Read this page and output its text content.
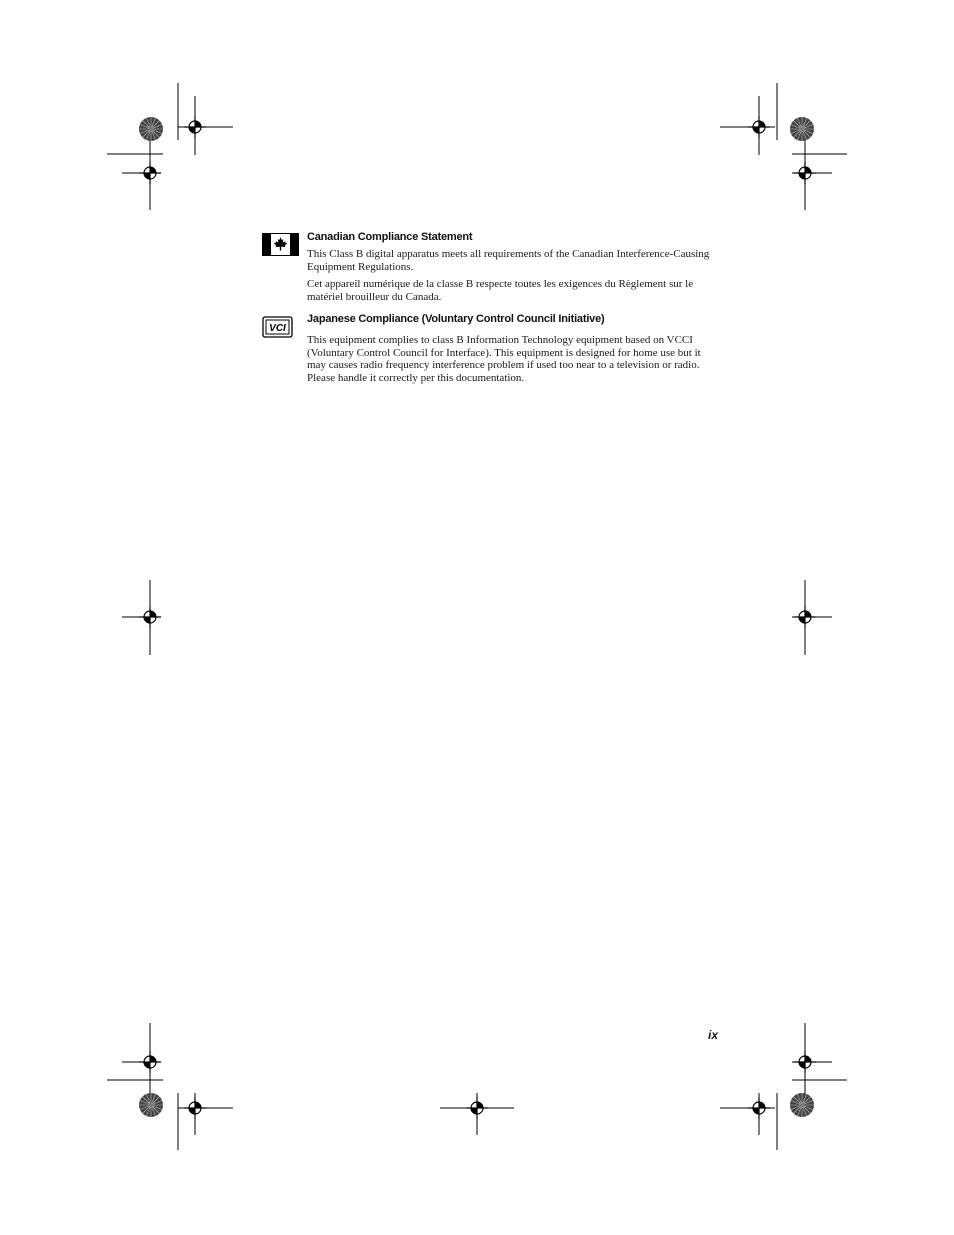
Canadian Compliance Statement

This Class B digital apparatus meets all requirements of the Canadian Interference-Causing Equipment Regulations.

Cet appareil numérique de la classe B respecte toutes les exigences du Règlement sur le matériel brouilleur du Canada.

VCI
Japanese Compliance (Voluntary Control Council Initiative)

This equipment complies to class B Information Technology equipment based on VCCI (Voluntary Control Council for Interface). This equipment is designed for home use but it may causes radio frequency interference problem if used too near to a television or radio. Please handle it correctly per this documentation.

ix
